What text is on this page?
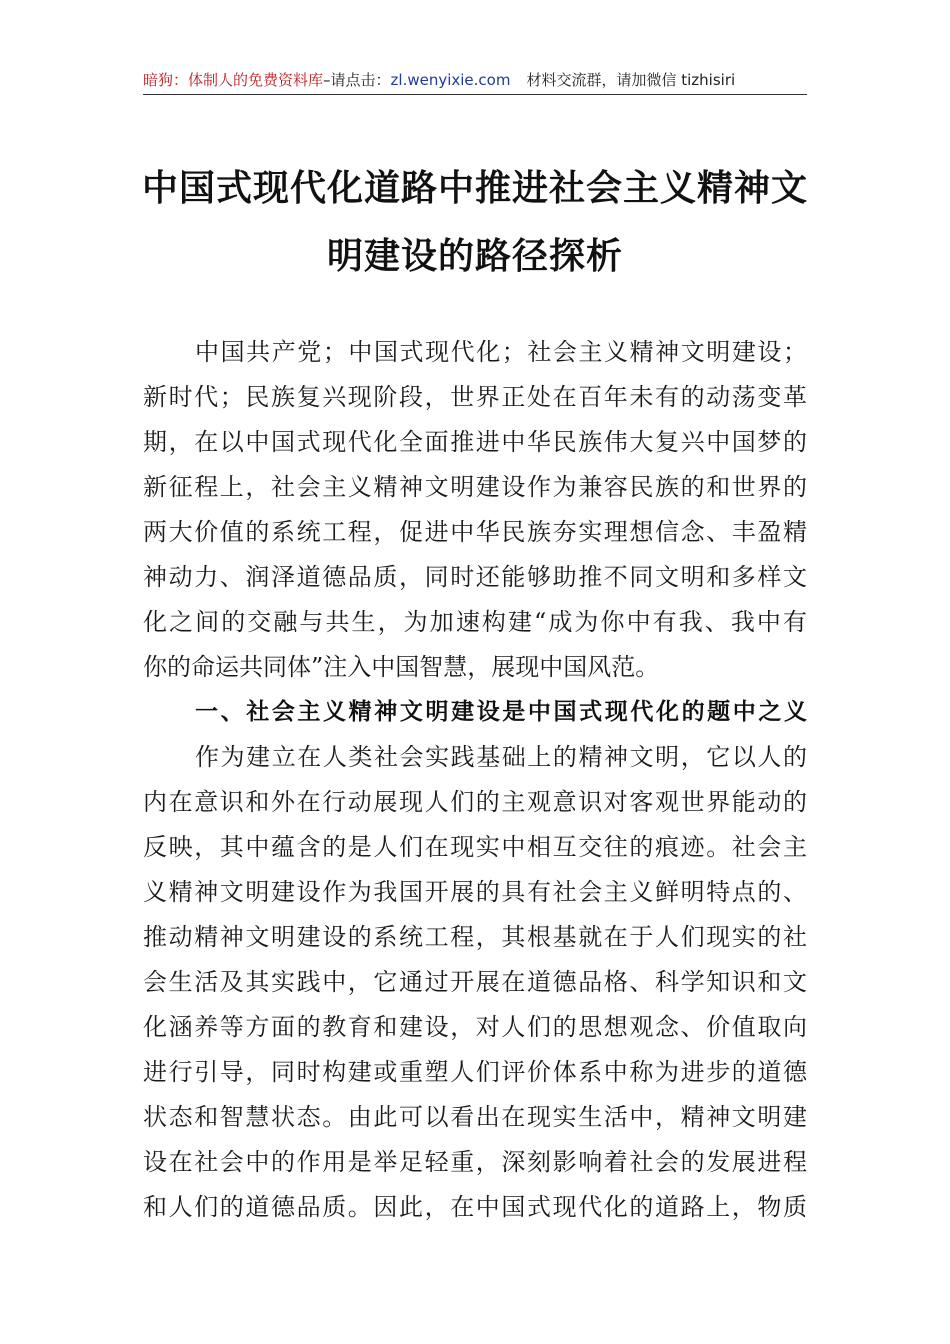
暗狗：体制人的免费资料库–请点击：zl.wenyixie.com 材料交流群，请加微信 tizhisiri
中国式现代化道路中推进社会主义精神文
明建设的路径探析
中国共产党；中国式现代化；社会主义精神文明建设；
新时代；民族复兴现阶段，世界正处在百年未有的动荡变革
期，在以中国式现代化全面推进中华民族伟大复兴中国梦的
新征程上，社会主义精神文明建设作为兼容民族的和世界的
两大价值的系统工程，促进中华民族夯实理想信念、丰盈精
神动力、润泽道德品质，同时还能够助推不同文明和多样文
化之间的交融与共生，为加速构建“成为你中有我、我中有
你的命运共同体”注入中国智慧，展现中国风范。
一、社会主义精神文明建设是中国式现代化的题中之义
作为建立在人类社会实践基础上的精神文明，它以人的
内在意识和外在行动展现人们的主观意识对客观世界能动的
反映，其中蕴含的是人们在现实中相互交往的痕迹。社会主
义精神文明建设作为我国开展的具有社会主义鲜明特点的、
推动精神文明建设的系统工程，其根基就在于人们现实的社
会生活及其实践中，它通过开展在道德品格、科学知识和文
化涵养等方面的教育和建设，对人们的思想观念、价值取向
进行引导，同时构建或重塑人们评价体系中称为进步的道德
状态和智慧状态。由此可以看出在现实生活中，精神文明建
设在社会中的作用是举足轻重，深刻影响着社会的发展进程
和人们的道德品质。因此，在中国式现代化的道路上，物质
